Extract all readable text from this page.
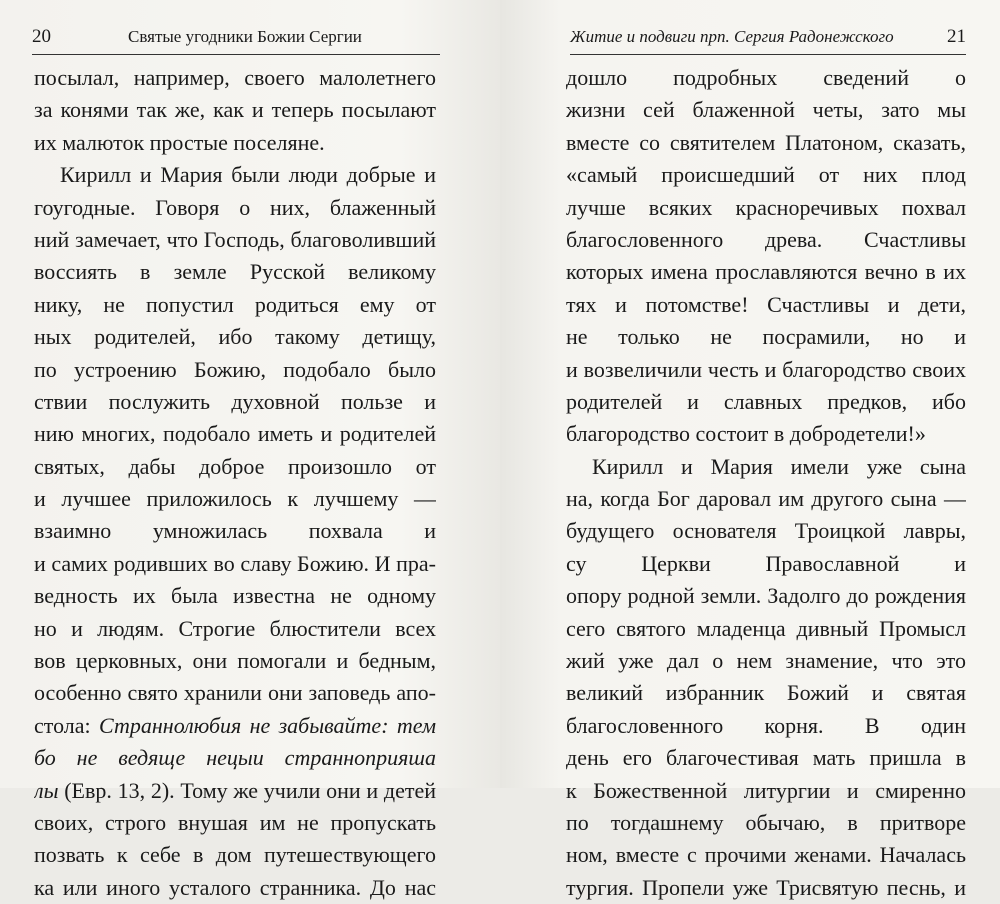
20	Святые угодники Божии Сергии
посылал, например, своего малолетнего
за конями так же, как и теперь посылают
их малюток простые поселяне.
Кирилл и Мария были люди добрые и
гоугодные. Говоря о них, блаженный
ний замечает, что Господь, благоволивший
воссиять в земле Русской великому
нику, не попустил родиться ему от
ных родителей, ибо такому детищу,
по устроению Божию, подобало было
ствии послужить духовной пользе и
нию многих, подобало иметь и родителей
святых, дабы доброе произошло от
и лучшее приложилось к лучшему —
взаимно умножилась похвала и
и самих родивших во славу Божию. И пра-
ведность их была известна не одному
но и людям. Строгие блюстители всех
вов церковных, они помогали и бедным,
особенно свято хранили они заповедь апо-
стола: Страннолюбия не забывайте: тем
бо не ведяще нецыи странноприяша
лы (Евр. 13, 2). Тому же учили они и детей
своих, строго внушая им не пропускать
позвать к себе в дом путешествующего
ка или иного усталого странника. До нас
Житие и подвиги прп. Сергия Радонежского	21
дошло подробных сведений о
жизни сей блаженной четы, зато мы
вместе со святителем Платоном, сказать,
«самый происшедший от них плод
лучше всяких красноречивых похвал
благословенного древа. Счастливы
которых имена прославляются вечно в их
тях и потомстве! Счастливы и дети,
не только не посрамили, но и
и возвеличили честь и благородство своих
родителей и славных предков, ибо
благородство состоит в добродетели!»
Кирилл и Мария имели уже сына
на, когда Бог даровал им другого сына —
будущего основателя Троицкой лавры,
су Церкви Православной и
опору родной земли. Задолго до рождения
сего святого младенца дивный Промысл
жий уже дал о нем знамение, что это
великий избранник Божий и святая
благословенного корня. В один
день его благочестивая мать пришла в
к Божественной литургии и смиренно
по тогдашнему обычаю, в притворе
ном, вместе с прочими женами. Началась
тургия. Пропели уже Трисвятую песнь, и
